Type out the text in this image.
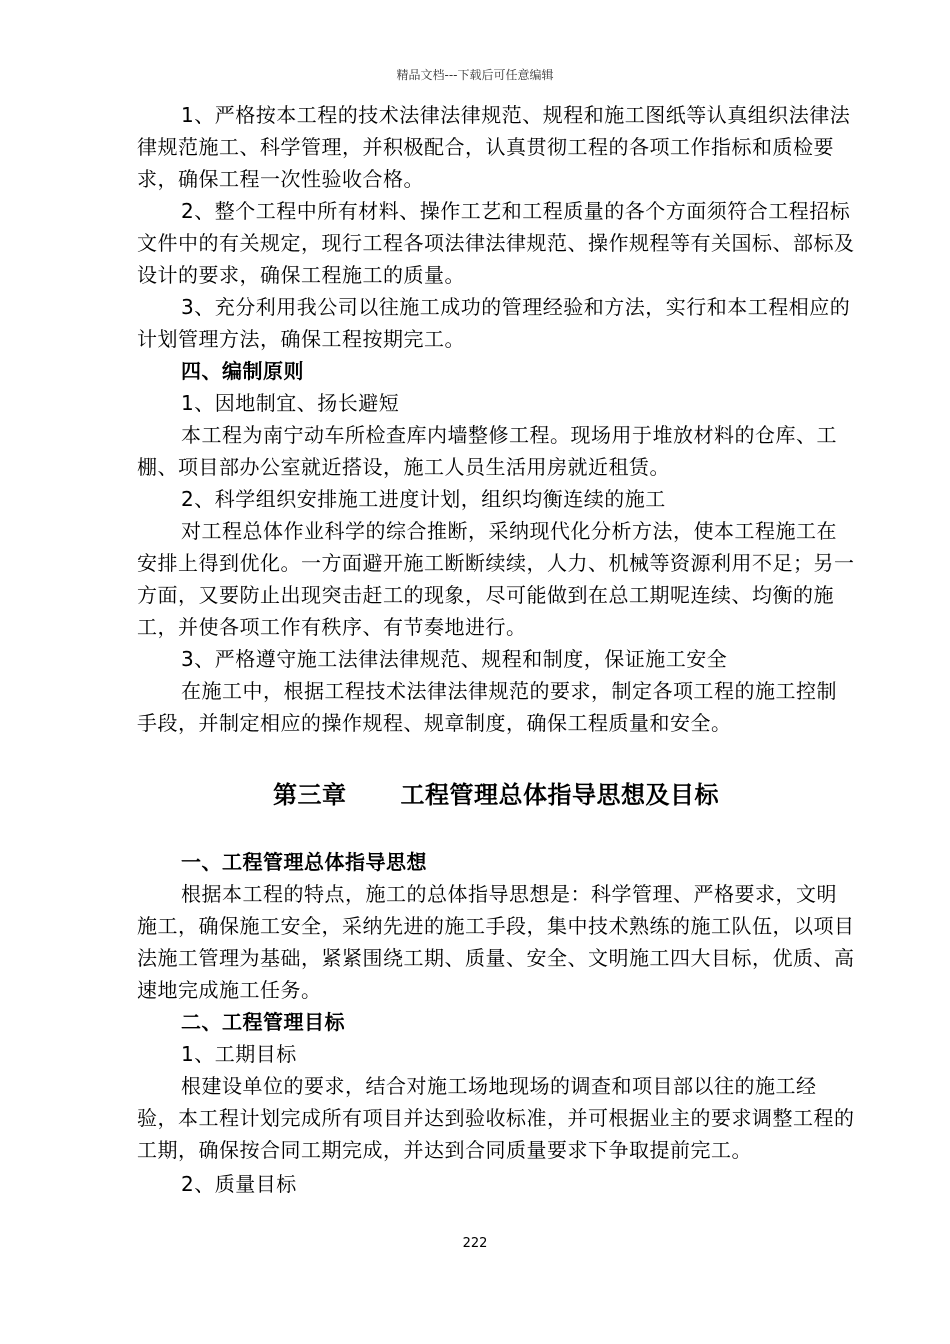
精品文档---下载后可任意编辑

1、严格按本工程的技术法律法律规范、规程和施工图纸等认真组织法律法律规范施工、科学管理，并积极配合，认真贯彻工程的各项工作指标和质检要求，确保工程一次性验收合格。

2、整个工程中所有材料、操作工艺和工程质量的各个方面须符合工程招标文件中的有关规定，现行工程各项法律法律规范、操作规程等有关国标、部标及设计的要求，确保工程施工的质量。

3、充分利用我公司以往施工成功的管理经验和方法，实行和本工程相应的计划管理方法，确保工程按期完工。

四、编制原则

1、因地制宜、扬长避短

本工程为南宁动车所检查库内墙整修工程。现场用于堆放材料的仓库、工棚、项目部办公室就近搭设，施工人员生活用房就近租赁。

2、科学组织安排施工进度计划，组织均衡连续的施工

对工程总体作业科学的综合推断，采纳现代化分析方法，使本工程施工在安排上得到优化。一方面避开施工断断续续，人力、机械等资源利用不足；另一方面，又要防止出现突击赶工的现象，尽可能做到在总工期呢连续、均衡的施工，并使各项工作有秩序、有节奏地进行。

3、严格遵守施工法律法律规范、规程和制度，保证施工安全

在施工中，根据工程技术法律法律规范的要求，制定各项工程的施工控制手段，并制定相应的操作规程、规章制度，确保工程质量和安全。

第三章 工程管理总体指导思想及目标

一、工程管理总体指导思想

根据本工程的特点，施工的总体指导思想是：科学管理、严格要求，文明施工，确保施工安全，采纳先进的施工手段，集中技术熟练的施工队伍，以项目法施工管理为基础，紧紧围绕工期、质量、安全、文明施工四大目标，优质、高速地完成施工任务。

二、工程管理目标

1、工期目标

根建设单位的要求，结合对施工场地现场的调查和项目部以往的施工经验，本工程计划完成所有项目并达到验收标准，并可根据业主的要求调整工程的工期，确保按合同工期完成，并达到合同质量要求下争取提前完工。

2、质量目标

222
